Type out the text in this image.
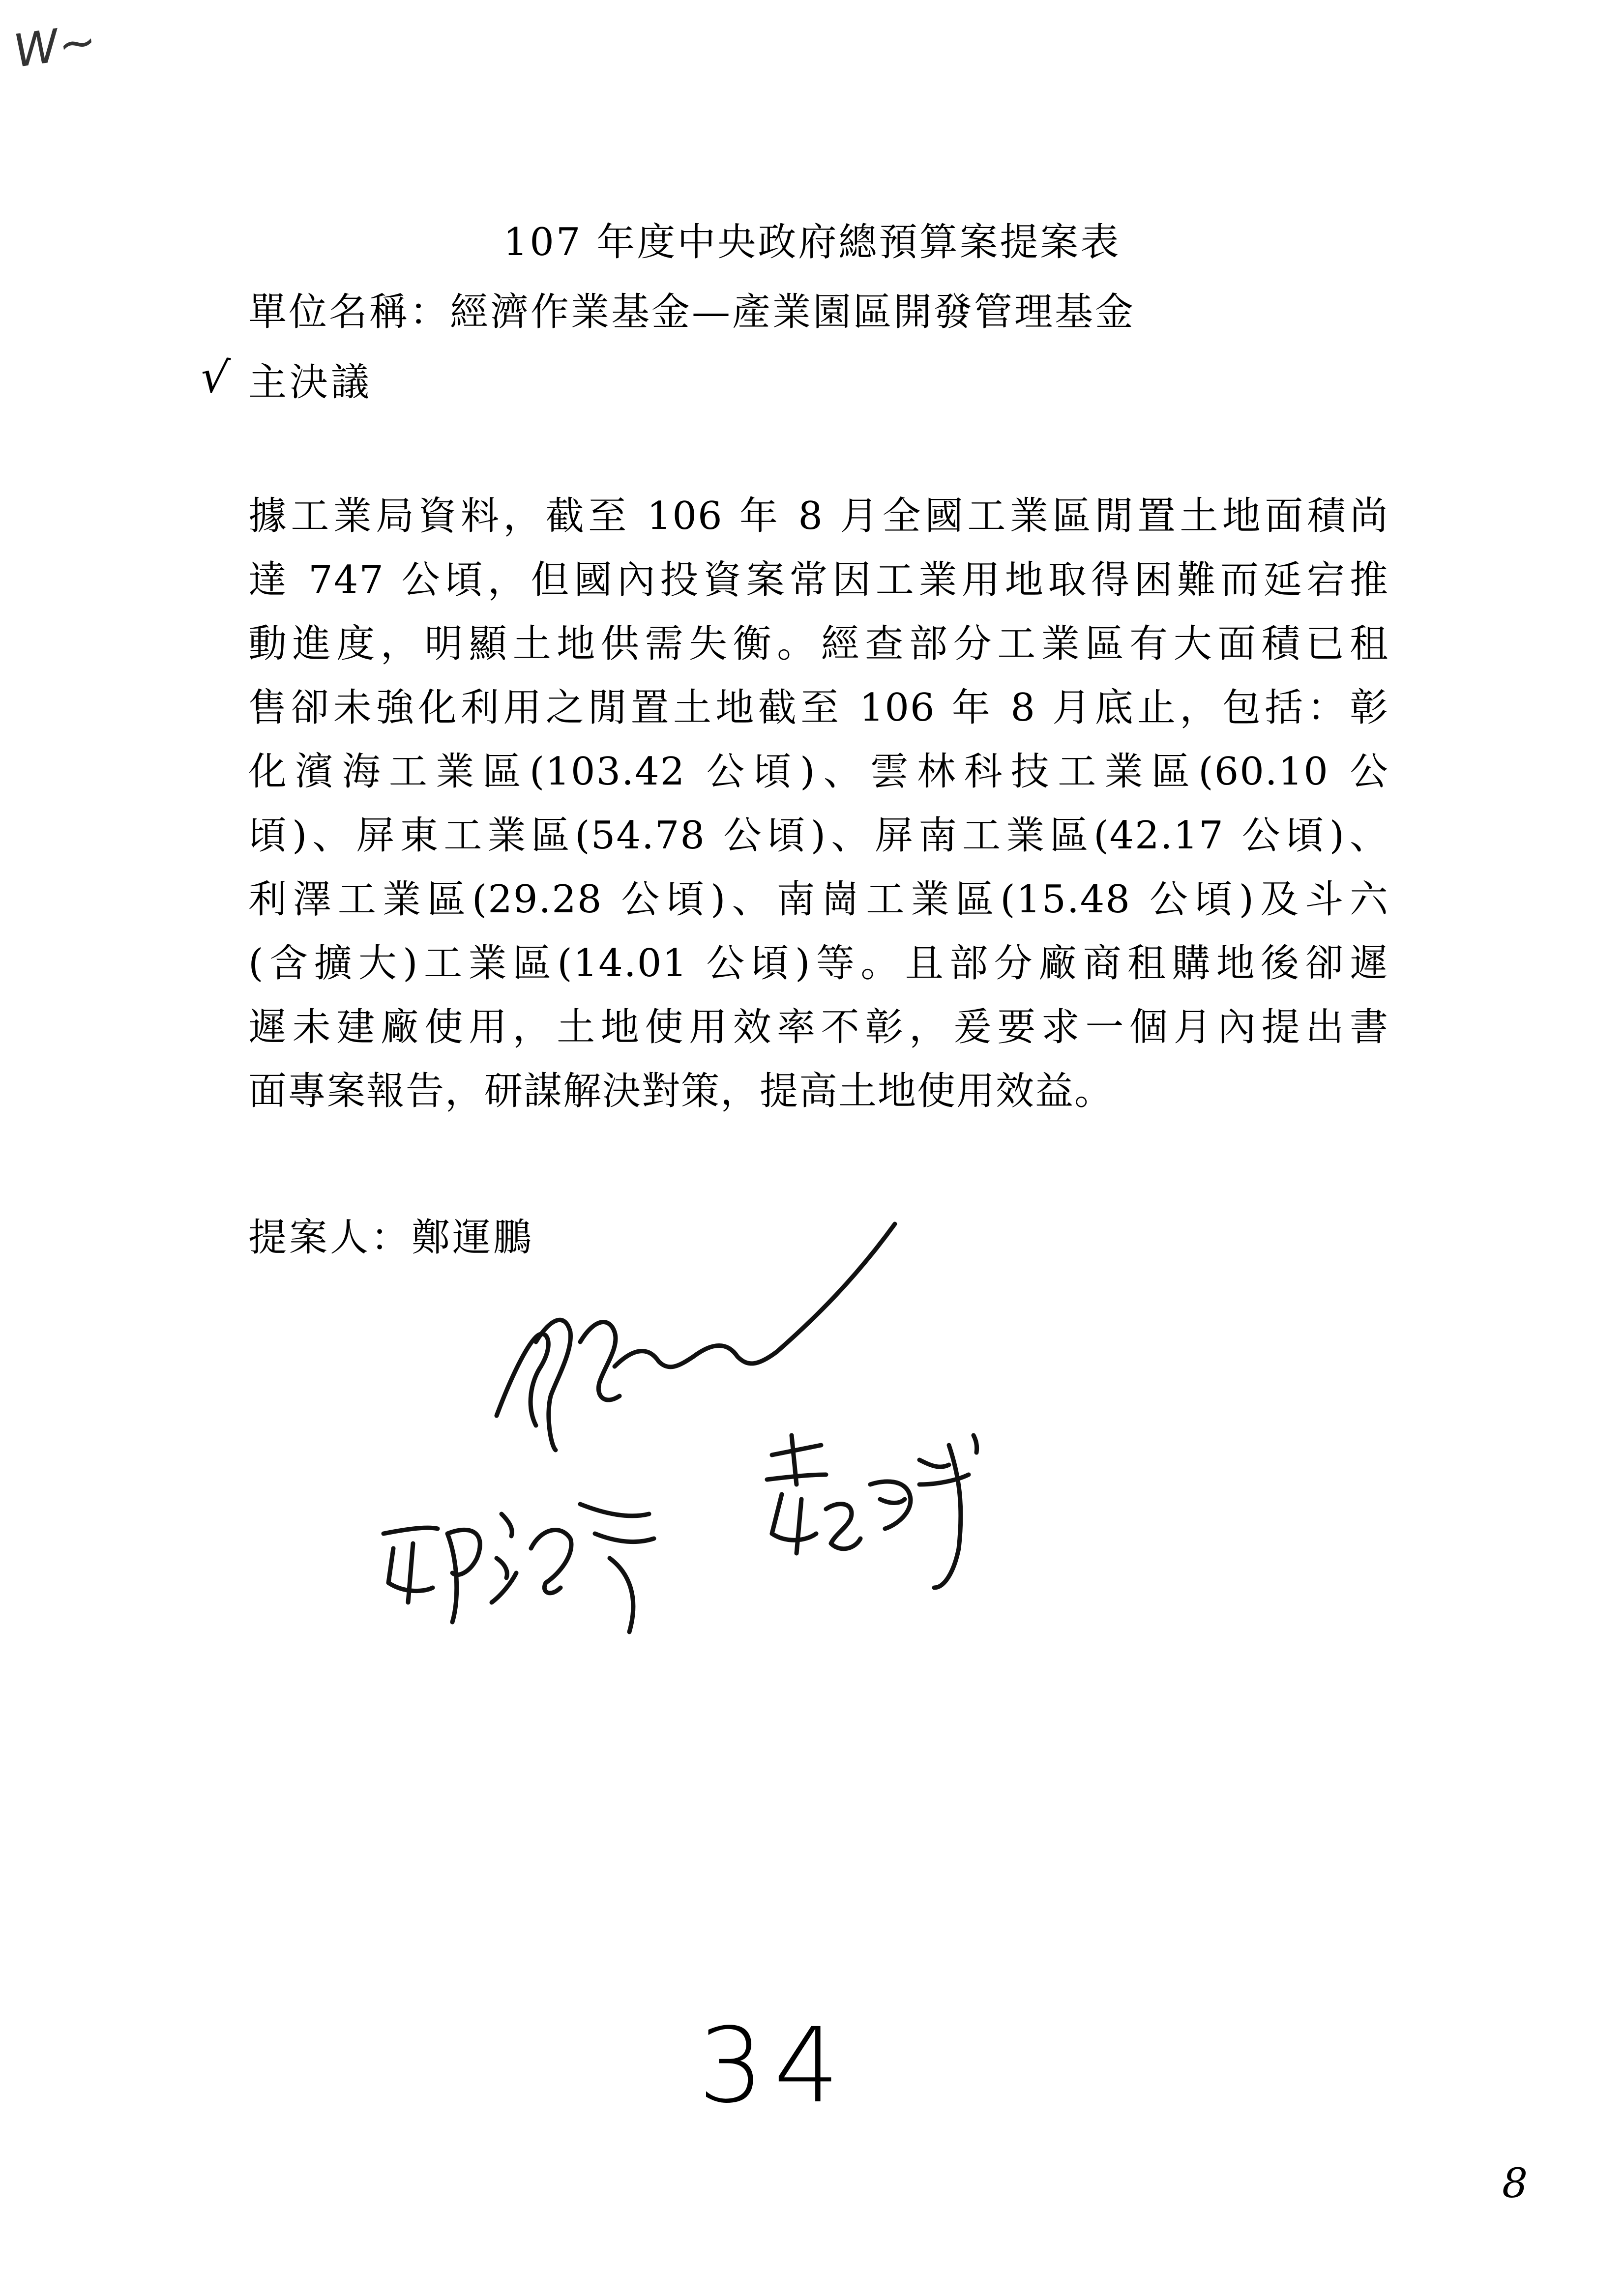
W~
107 年度中央政府總預算案提案表
單位名稱：經濟作業基金—產業園區開發管理基金
√ 主決議
據工業局資料，截至 106 年 8 月全國工業區閒置土地面積尚
達 747 公頃，但國內投資案常因工業用地取得困難而延宕推
動進度，明顯土地供需失衡。經查部分工業區有大面積已租
售卻未強化利用之閒置土地截至 106 年 8 月底止，包括：彰
化濱海工業區(103.42 公頃)、雲林科技工業區(60.10 公
頃)、屏東工業區(54.78 公頃)、屏南工業區(42.17 公頃)、
利澤工業區(29.28 公頃)、南崗工業區(15.48 公頃)及斗六
(含擴大)工業區(14.01 公頃)等。且部分廠商租購地後卻遲
遲未建廠使用，土地使用效率不彰，爰要求一個月內提出書
面專案報告，研謀解決對策，提高土地使用效益。
提案人：鄭運鵬
34
8
